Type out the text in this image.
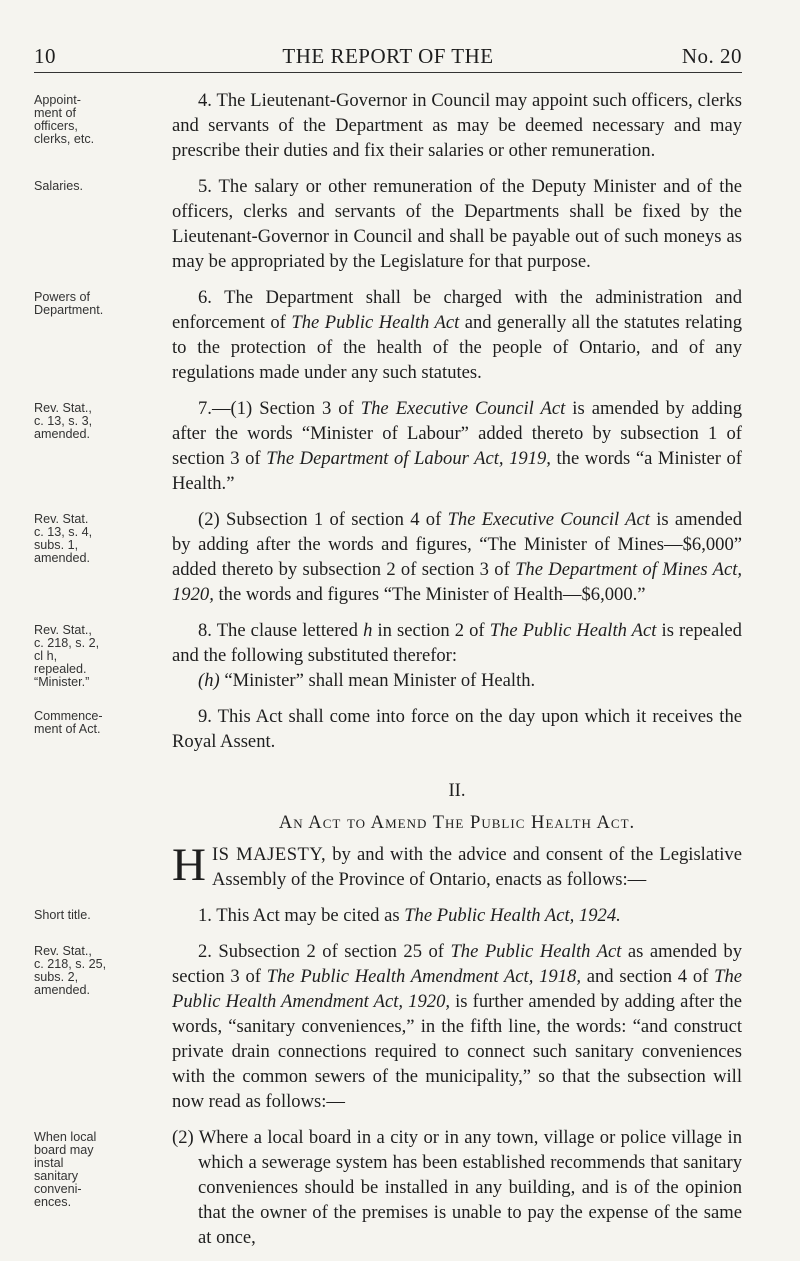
10	THE REPORT OF THE	No. 20
Appoint-
ment of
officers,
clerks, etc.

4. The Lieutenant-Governor in Council may appoint such officers, clerks and servants of the Department as may be deemed necessary and may prescribe their duties and fix their salaries or other remuneration.

Salaries.	5. The salary or other remuneration of the Deputy Minister and of the officers, clerks and servants of the Departments shall be fixed by the Lieutenant-Governor in Council and shall be payable out of such moneys as may be appropriated by the Legislature for that purpose.

Powers of
Department.

6. The Department shall be charged with the administration and enforcement of The Public Health Act and generally all the statutes relating to the protection of the health of the people of Ontario, and of any regulations made under any such statutes.

Rev. Stat.,
c. 13, s. 3,
amended.

7.—(1) Section 3 of The Executive Council Act is amended by adding after the words “Minister of Labour” added thereto by subsection 1 of section 3 of The Department of Labour Act, 1919, the words “a Minister of Health.”

Rev. Stat.
c. 13, s. 4,
subs. 1,
amended.

(2) Subsection 1 of section 4 of The Executive Council Act is amended by adding after the words and figures, “The Minister of Mines—$6,000” added thereto by subsection 2 of section 3 of The Department of Mines Act, 1920, the words and figures “The Minister of Health—$6,000.”

Rev. Stat.,
c. 218, s. 2,
cl h,
repealed.
“Minister.”

8. The clause lettered h in section 2 of The Public Health Act is repealed and the following substituted therefor:

(h) “Minister” shall mean Minister of Health.

Commence-
ment of Act.

9. This Act shall come into force on the day upon which it receives the Royal Assent.

II.
An Act to Amend The Public Health Act.

HIS MAJESTY, by and with the advice and consent of the Legislative Assembly of the Province of Ontario, enacts as follows:—

Short title.	1. This Act may be cited as The Public Health Act, 1924.

Rev. Stat.,
c. 218, s. 25,
subs. 2,
amended.

2. Subsection 2 of section 25 of The Public Health Act as amended by section 3 of The Public Health Amendment Act, 1918, and section 4 of The Public Health Amendment Act, 1920, is further amended by adding after the words, “sanitary conveniences,” in the fifth line, the words: “and construct private drain connections required to connect such sanitary conveniences with the common sewers of the municipality,” so that the subsection will now read as follows:—

When local
board may
instal
sanitary
conveni-
ences.

(2) Where a local board in a city or in any town, village or police village in which a sewerage system has been established recommends that sanitary conveniences should be installed in any building, and is of the opinion that the owner of the premises is unable to pay the expense of the same at once,
